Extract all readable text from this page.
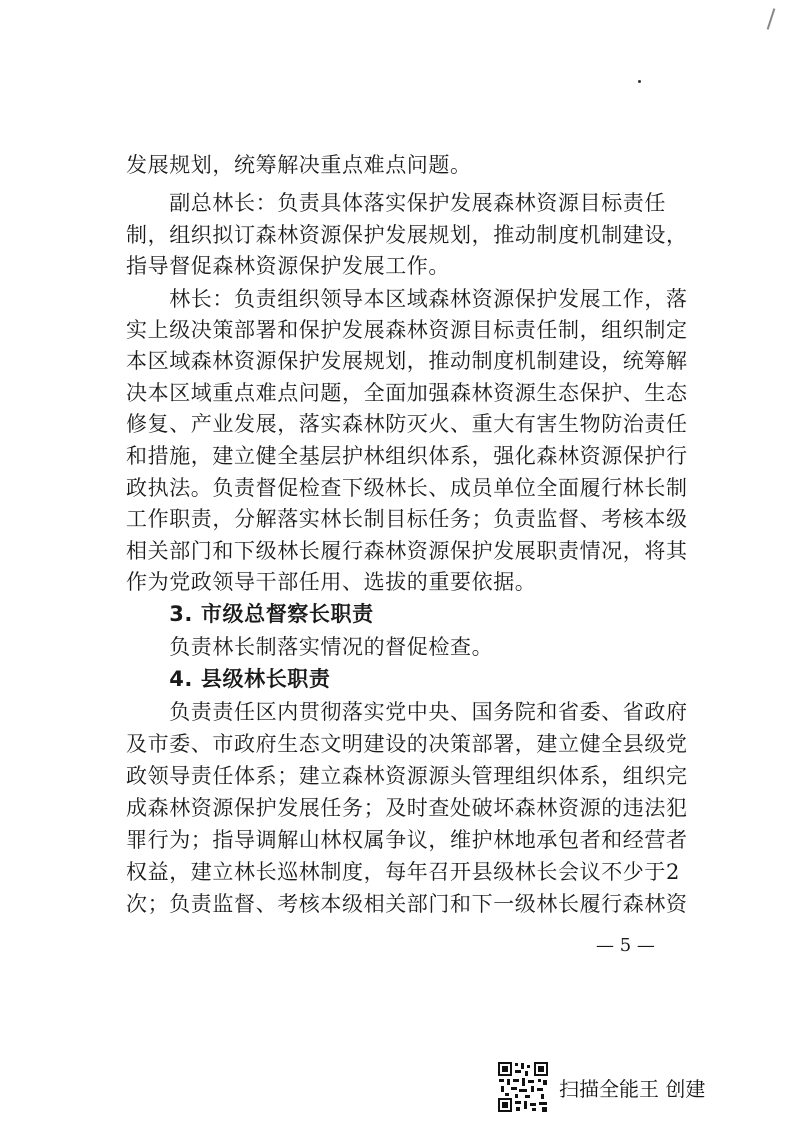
发展规划，统筹解决重点难点问题。
　　副总林长：负责具体落实保护发展森林资源目标责任
制，组织拟订森林资源保护发展规划，推动制度机制建设，
指导督促森林资源保护发展工作。
　　林长：负责组织领导本区域森林资源保护发展工作，落
实上级决策部署和保护发展森林资源目标责任制，组织制定
本区域森林资源保护发展规划，推动制度机制建设，统筹解
决本区域重点难点问题，全面加强森林资源生态保护、生态
修复、产业发展，落实森林防灭火、重大有害生物防治责任
和措施，建立健全基层护林组织体系，强化森林资源保护行
政执法。负责督促检查下级林长、成员单位全面履行林长制
工作职责，分解落实林长制目标任务；负责监督、考核本级
相关部门和下级林长履行森林资源保护发展职责情况，将其
作为党政领导干部任用、选拔的重要依据。
　　3. 市级总督察长职责
　　负责林长制落实情况的督促检查。
　　4. 县级林长职责
　　负责责任区内贯彻落实党中央、国务院和省委、省政府
及市委、市政府生态文明建设的决策部署，建立健全县级党
政领导责任体系；建立森林资源源头管理组织体系，组织完
成森林资源保护发展任务；及时查处破坏森林资源的违法犯
罪行为；指导调解山林权属争议，维护林地承包者和经营者
权益，建立林长巡林制度，每年召开县级林长会议不少于2
次；负责监督、考核本级相关部门和下一级林长履行森林资
— 5 —
扫描全能王 创建
